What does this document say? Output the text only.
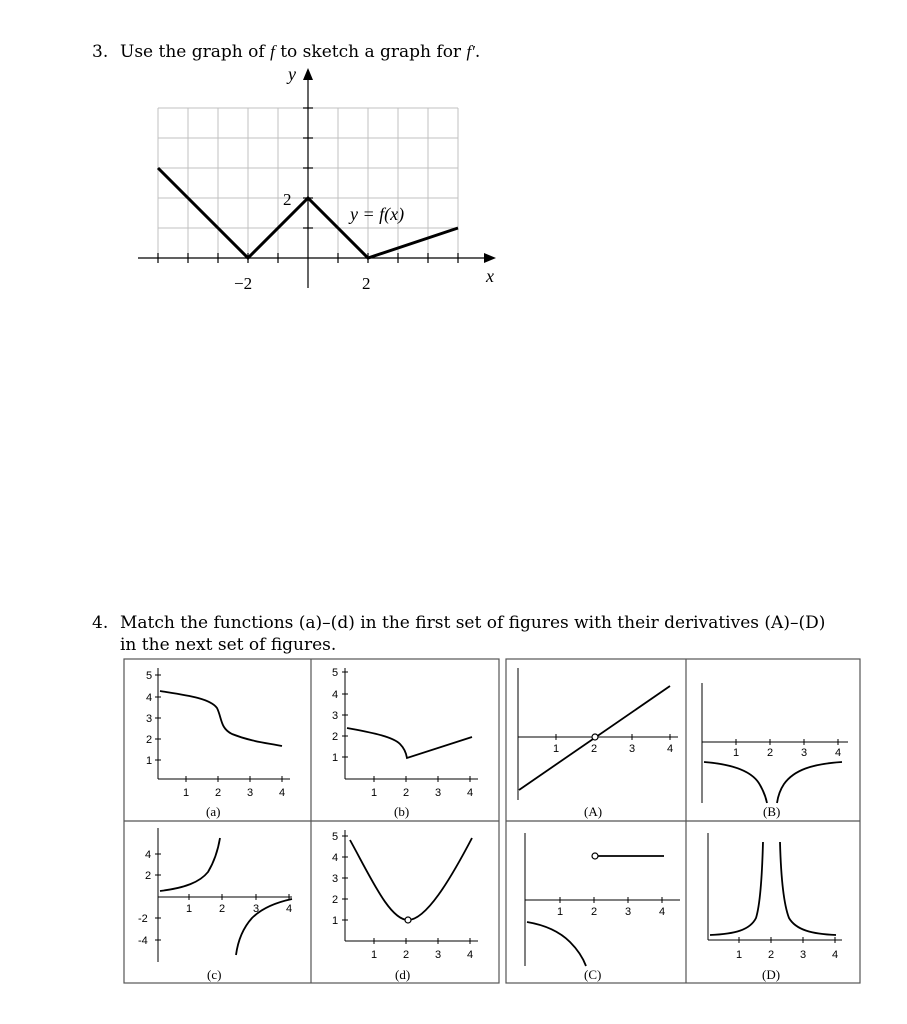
3. Use the graph of f to sketch a graph for f′.
y
x
y = f(x)
−2	2
2
4. Match the functions (a)–(d) in the first set of figures with their derivatives (A)–(D)
in the next set of figures.
5
4
3
2
1
1 2 3 4
(a)
5
4
3
2
1
1 2 3 4
(b)
4
2
-2
-4
1 2	3 4
(c)
5
4
3
2
1
1 2 3 4
(d)
1	2	3	4
(A)
1	2	3	4
(B)
1	2	3	4
(C)
1 2 3 4
(D)
